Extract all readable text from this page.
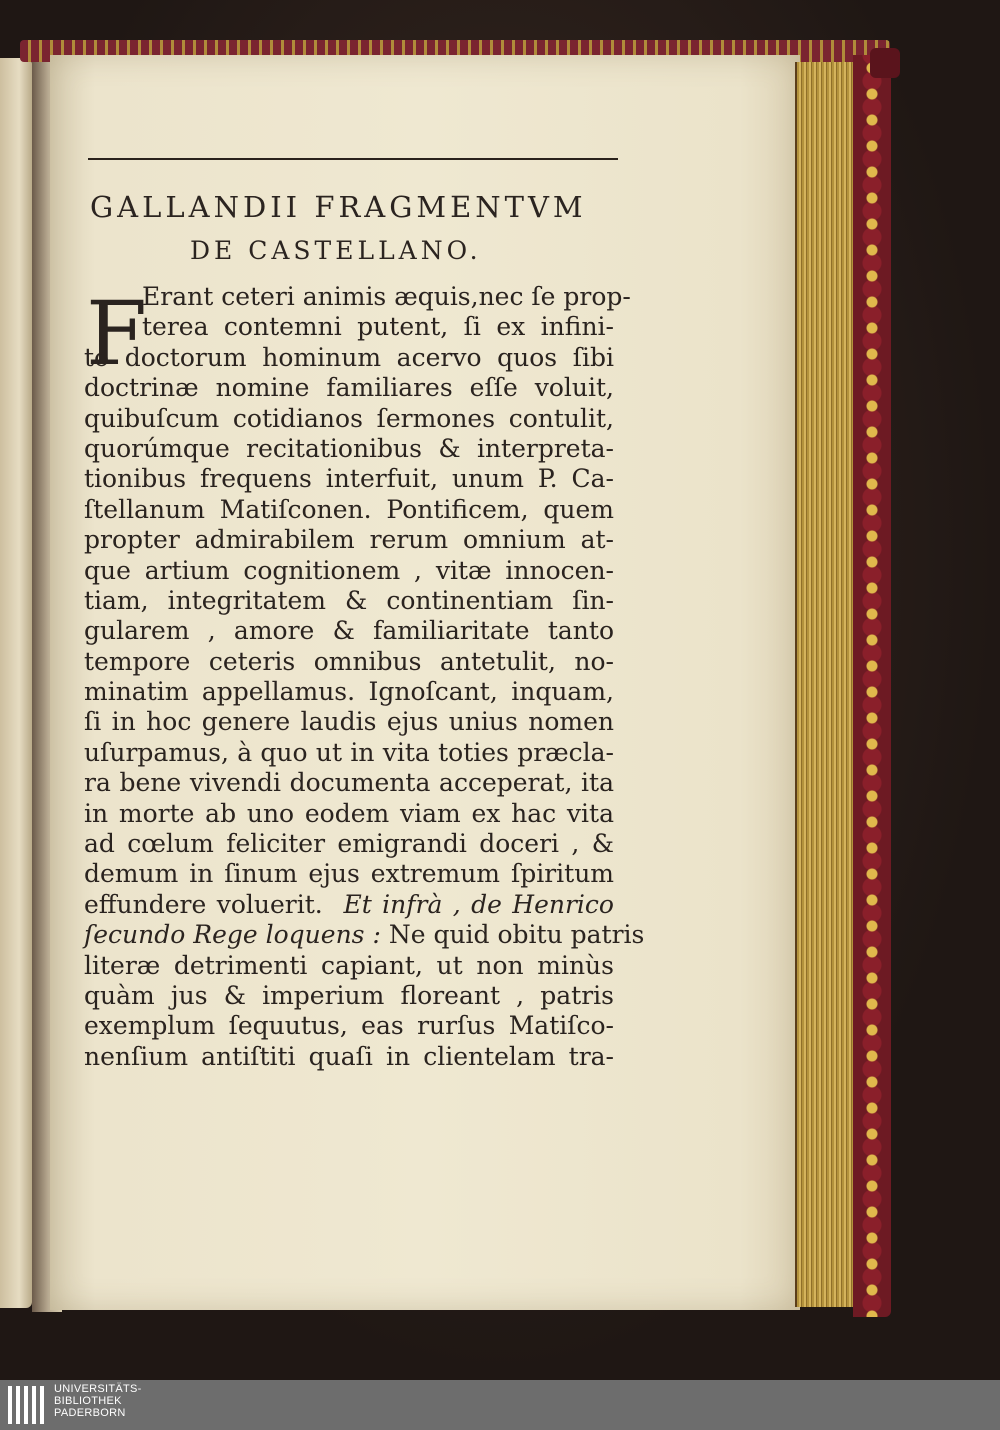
GALLANDII FRAGMENTVM
DE CASTELLANO.
F
Erant ceteri animis æquis,nec ſe prop-
terea contemni putent, ſi ex infini-
to doctorum hominum acervo quos ſibi
doctrinæ nomine familiares eſſe voluit,
quibuſcum cotidianos ſermones contulit,
quorúmque recitationibus & interpreta-
tionibus frequens interfuit, unum P. Ca-
ſtellanum Matiſconen. Pontificem, quem
propter admirabilem rerum omnium at-
que artium cognitionem , vitæ innocen-
tiam, integritatem & continentiam ſin-
gularem , amore & familiaritate tanto
tempore ceteris omnibus antetulit, no-
minatim appellamus. Ignoſcant, inquam,
ſi in hoc genere laudis ejus unius nomen
uſurpamus, à quo ut in vita toties præcla-
ra bene vivendi documenta acceperat, ita
in morte ab uno eodem viam ex hac vita
ad cœlum feliciter emigrandi doceri , &
demum in ſinum ejus extremum ſpiritum
effundere voluerit. Et infrà , de Henrico
ſecundo Rege loquens : Ne quid obitu patris
literæ detrimenti capiant, ut non minùs
quàm jus & imperium floreant , patris
exemplum ſequutus, eas rurſus Matiſco-
nenſium antiſtiti quaſi in clientelam tra-
UNIVERSITÄTS-
BIBLIOTHEK
PADERBORN
